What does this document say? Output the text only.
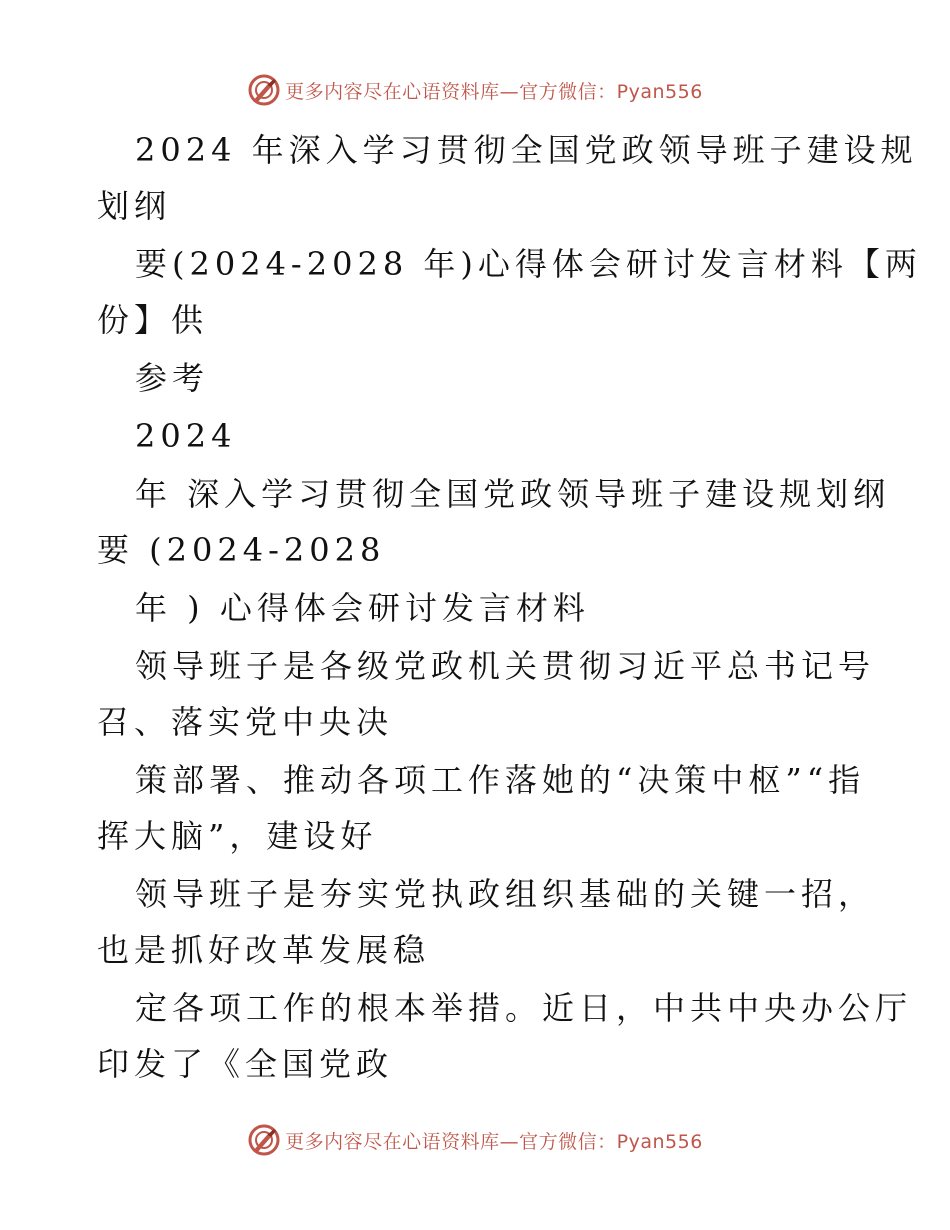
更多内容尽在心语资料库—官方微信：Pyan556
2024 年深入学习贯彻全国党政领导班子建设规
划纲
要(2024-2028 年)心得体会研讨发言材料【两
份】供
参考
2024
年 深入学习贯彻全国党政领导班子建设规划纲
要 (2024-2028
年 ) 心得体会研讨发言材料
领导班子是各级党政机关贯彻习近平总书记号
召、落实党中央决
策部署、推动各项工作落她的“决策中枢”“指
挥大脑”，建设好
领导班子是夯实党执政组织基础的关键一招，
也是抓好改革发展稳
定各项工作的根本举措。近日，中共中央办公厅
印发了《全国党政
更多内容尽在心语资料库—官方微信：Pyan556
